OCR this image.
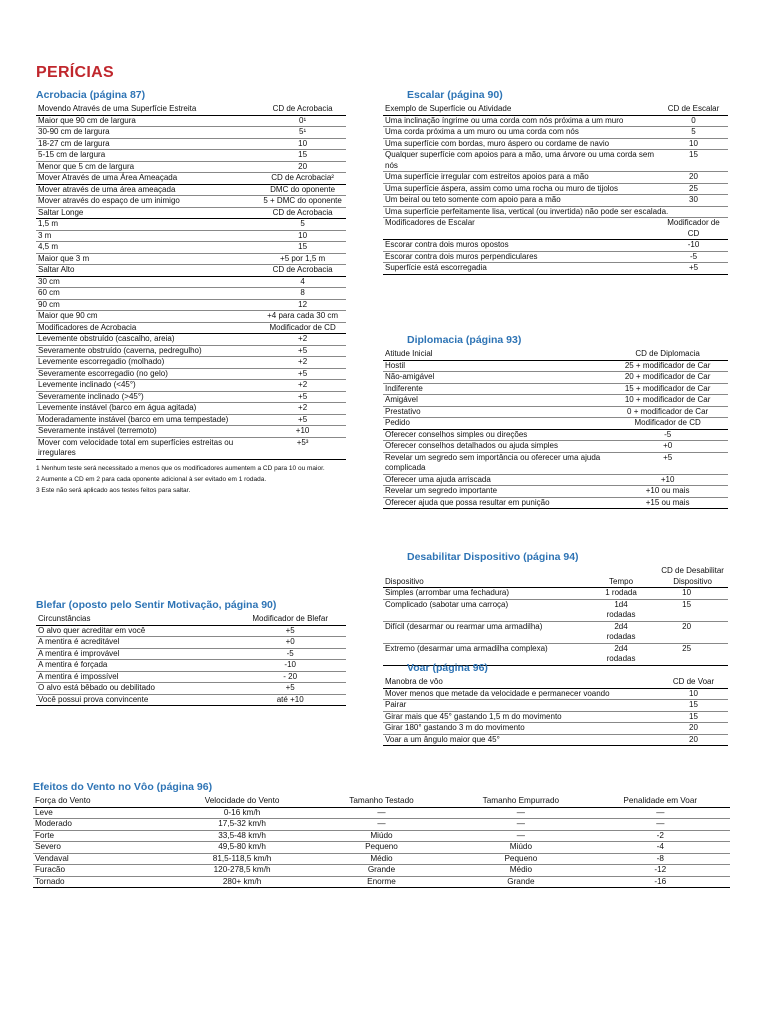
PERÍCIAS
Acrobacia (página 87)
Movendo Através de uma Superfície Estreita	CD de Acrobacia
Maior que 90 cm de largura	0¹
30-90 cm de largura	5¹
18-27 cm de largura	10
5-15 cm de largura	15
Menor que 5 cm de largura	20
Mover Através de uma Área Ameaçada	CD de Acrobacia²
Mover através de uma área ameaçada	DMC do oponente
Mover através do espaço de um inimigo	5 + DMC do oponente
Saltar Longe	CD de Acrobacia
1,5 m	5
3 m	10
4,5 m	15
Maior que 3 m	+5 por 1,5 m
Saltar Alto	CD de Acrobacia
30 cm	4
60 cm	8
90 cm	12
Maior que 90 cm	+4 para cada 30 cm
Modificadores de Acrobacia	Modificador de CD
Levemente obstruído (cascalho, areia)	+2
Severamente obstruído (caverna, pedregulho)	+5
Levemente escorregadio (molhado)	+2
Severamente escorregadio (no gelo)	+5
Levemente inclinado (<45°)	+2
Severamente inclinado (>45°)	+5
Levemente instável (barco em água agitada)	+2
Moderadamente instável (barco em uma tempestade)	+5
Severamente instável (terremoto)	+10
Mover com velocidade total em superfícies estreitas ou irregulares	+5³
1 Nenhum teste será necessitado a menos que os modificadores aumentem a CD para 10 ou maior.
2 Aumente a CD em 2 para cada oponente adicional à ser evitado em 1 rodada.
3 Este não será aplicado aos testes feitos para saltar.
Blefar (oposto pelo Sentir Motivação, página 90)
Circunstâncias	Modificador de Blefar
O alvo quer acreditar em você	+5
A mentira é acreditável	+0
A mentira é improvável	-5
A mentira é forçada	-10
A mentira é impossível	- 20
O alvo está bêbado ou debilitado	+5
Você possui prova convincente	até +10
Escalar (página 90)
Exemplo de Superfície ou Atividade	CD de Escalar
Uma inclinação íngrime ou uma corda com nós próxima a um muro	0
Uma corda próxima a um muro ou uma corda com nós	5
Uma superfície com bordas, muro áspero ou cordame de navio	10
Qualquer superfície com apoios para a mão, uma árvore ou uma corda sem nós	15
Uma superfície irregular com estreitos apoios para a mão	20
Uma superfície áspera, assim como uma rocha ou muro de tijolos	25
Um beiral ou teto somente com apoio para a mão	30
Uma superfície perfeitamente lisa, vertical (ou invertida) não pode ser escalada.	
Modificadores de Escalar	Modificador de CD
Escorar contra dois muros opostos	-10
Escorar contra dois muros perpendiculares	-5
Superfície está escorregadia	+5
Diplomacia (página 93)
Atitude Inicial	CD de Diplomacia
Hostil	25 + modificador de Car
Não-amigável	20 + modificador de Car
Indiferente	15 + modificador de Car
Amigável	10 + modificador de Car
Prestativo	0 + modificador de Car
Pedido	Modificador de CD
Oferecer conselhos simples ou direções	-5
Oferecer conselhos detalhados ou ajuda simples	+0
Revelar um segredo sem importância ou oferecer uma ajuda complicada	+5
Oferecer uma ajuda arriscada	+10
Revelar um segredo importante	+10 ou mais
Oferecer ajuda que possa resultar em punição	+15 ou mais
Desabilitar Dispositivo (página 94)
Dispositivo	Tempo	CD de Desabilitar Dispositivo
Simples (arrombar uma fechadura)	1 rodada	10
Complicado (sabotar uma carroça)	1d4 rodadas	15
Difícil (desarmar ou rearmar uma armadilha)	2d4 rodadas	20
Extremo (desarmar uma armadilha complexa)	2d4 rodadas	25
Voar (página 96)
Manobra de vôo	CD de Voar
Mover menos que metade da velocidade e permanecer voando	10
Pairar	15
Girar mais que 45° gastando 1,5 m do movimento	15
Girar 180° gastando 3 m do movimento	20
Voar a um ângulo maior que 45°	20
Efeitos do Vento no Vôo (página 96)
Força do Vento	Velocidade do Vento	Tamanho Testado	Tamanho Empurrado	Penalidade em Voar
Leve	0-16 km/h	—	—	—
Moderado	17,5-32 km/h	—	—	—
Forte	33,5-48 km/h	Miúdo	—	-2
Severo	49,5-80 km/h	Pequeno	Miúdo	-4
Vendaval	81,5-118,5 km/h	Médio	Pequeno	-8
Furacão	120-278,5 km/h	Grande	Médio	-12
Tornado	280+ km/h	Enorme	Grande	-16
